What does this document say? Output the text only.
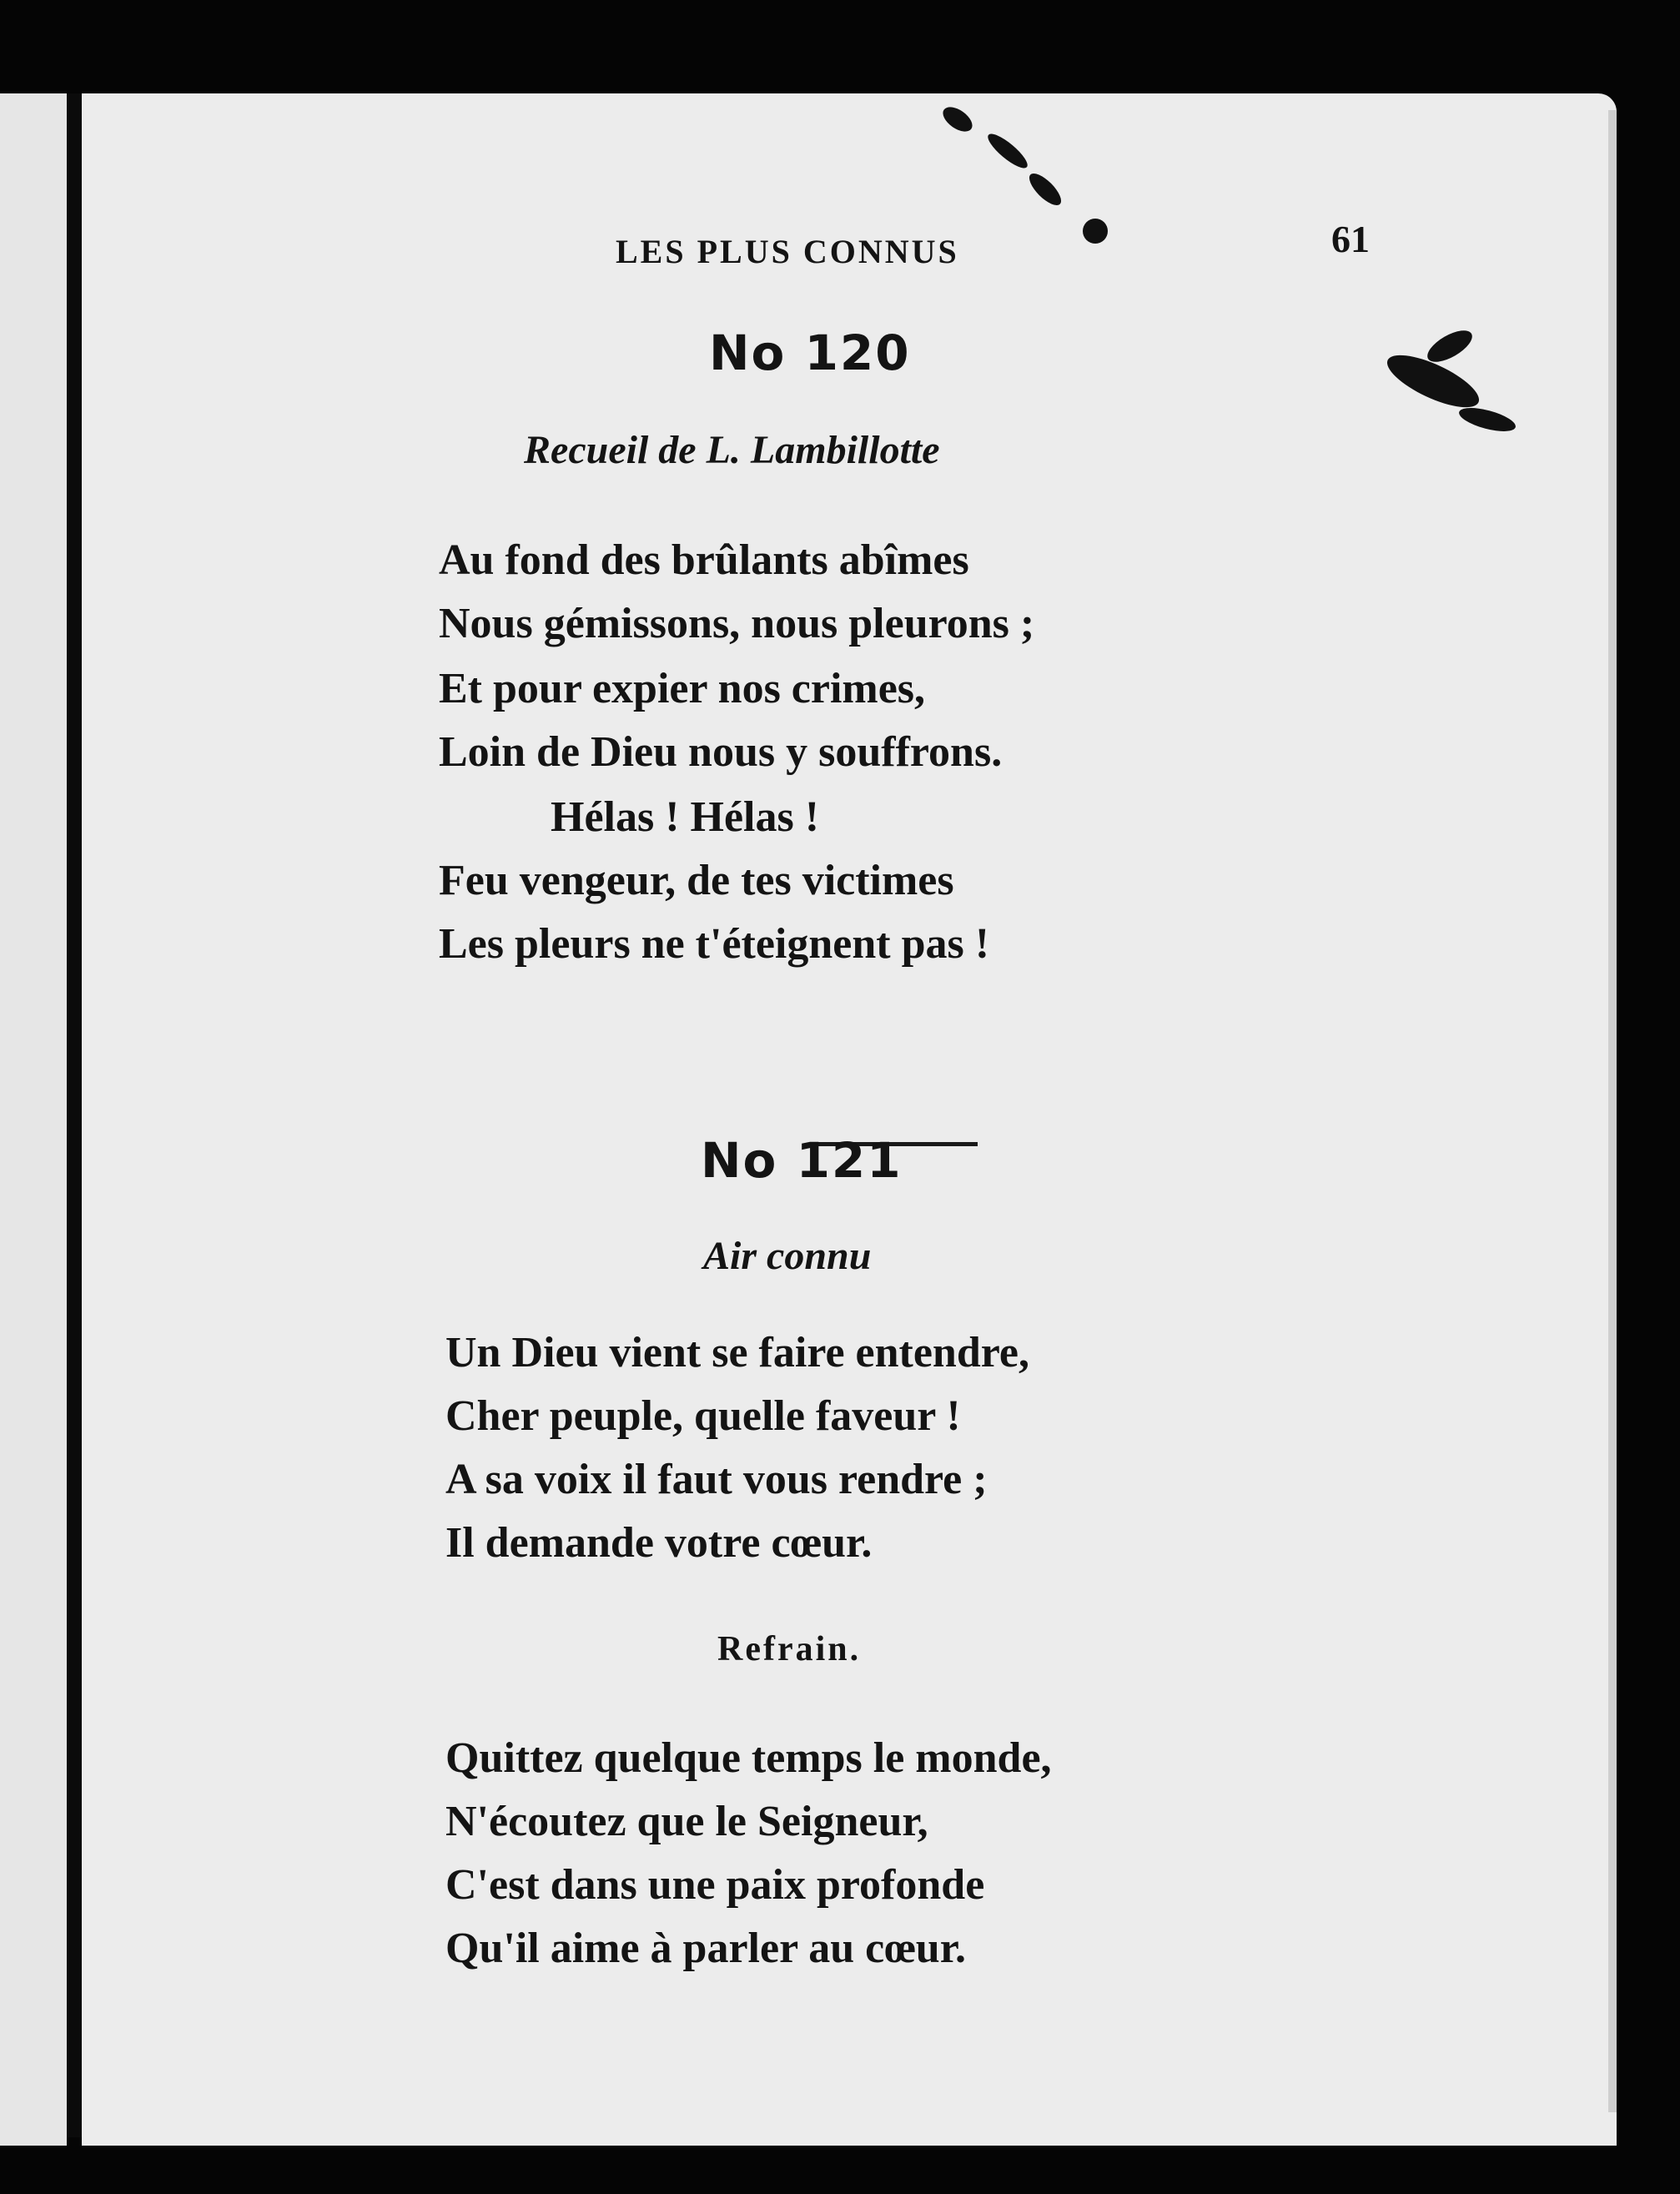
LES PLUS CONNUS	61
No 120
Recueil de L. Lambillotte
Au fond des brûlants abîmes
Nous gémissons, nous pleurons ;
Et pour expier nos crimes,
Loin de Dieu nous y souffrons.
Hélas ! Hélas !
Feu vengeur, de tes victimes
Les pleurs ne t'éteignent pas !
No 121
Air connu
Un Dieu vient se faire entendre,
Cher peuple, quelle faveur !
A sa voix il faut vous rendre ;
Il demande votre cœur.
Refrain.
Quittez quelque temps le monde,
N'écoutez que le Seigneur,
C'est dans une paix profonde
Qu'il aime à parler au cœur.
